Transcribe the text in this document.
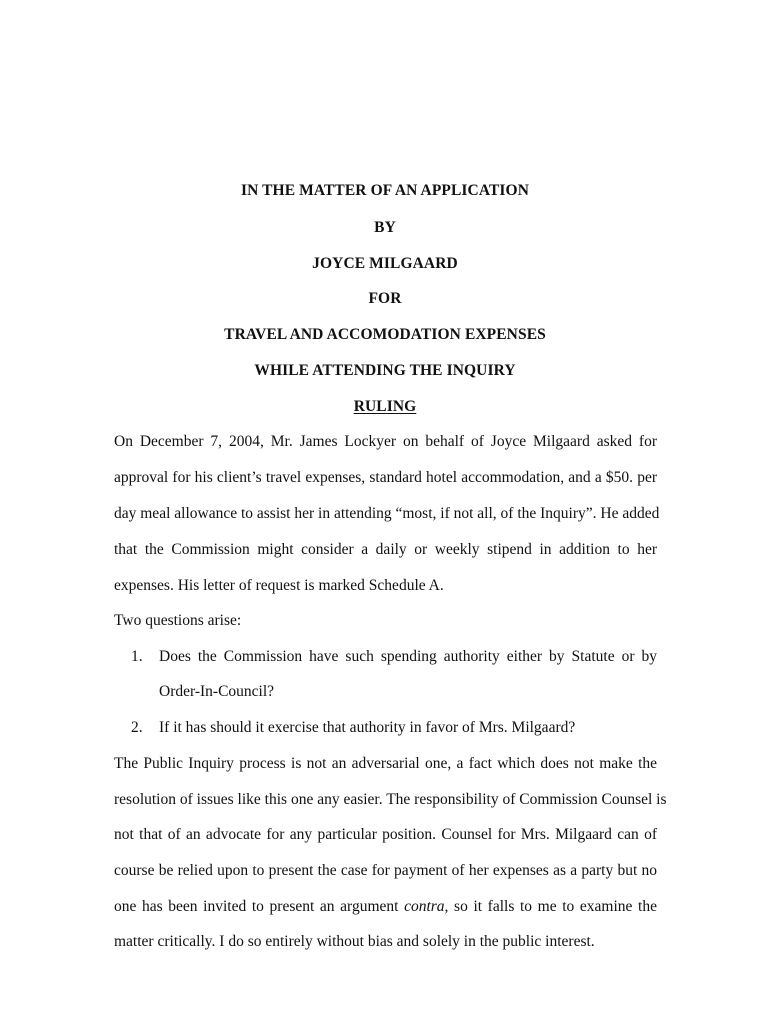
IN THE MATTER OF AN APPLICATION
BY
JOYCE MILGAARD
FOR
TRAVEL AND ACCOMODATION EXPENSES
WHILE ATTENDING THE INQUIRY
RULING
On December 7, 2004, Mr. James Lockyer on behalf of Joyce Milgaard asked for
approval for his client’s travel expenses, standard hotel accommodation, and a $50. per
day meal allowance to assist her in attending “most, if not all, of the Inquiry”. He added
that the Commission might consider a daily or weekly stipend in addition to her
expenses. His letter of request is marked Schedule A.
Two questions arise:
1. Does the Commission have such spending authority either by Statute or by
Order-In-Council?
2. If it has should it exercise that authority in favor of Mrs. Milgaard?
The Public Inquiry process is not an adversarial one, a fact which does not make the
resolution of issues like this one any easier. The responsibility of Commission Counsel is
not that of an advocate for any particular position. Counsel for Mrs. Milgaard can of
course be relied upon to present the case for payment of her expenses as a party but no
one has been invited to present an argument contra, so it falls to me to examine the
matter critically. I do so entirely without bias and solely in the public interest.
